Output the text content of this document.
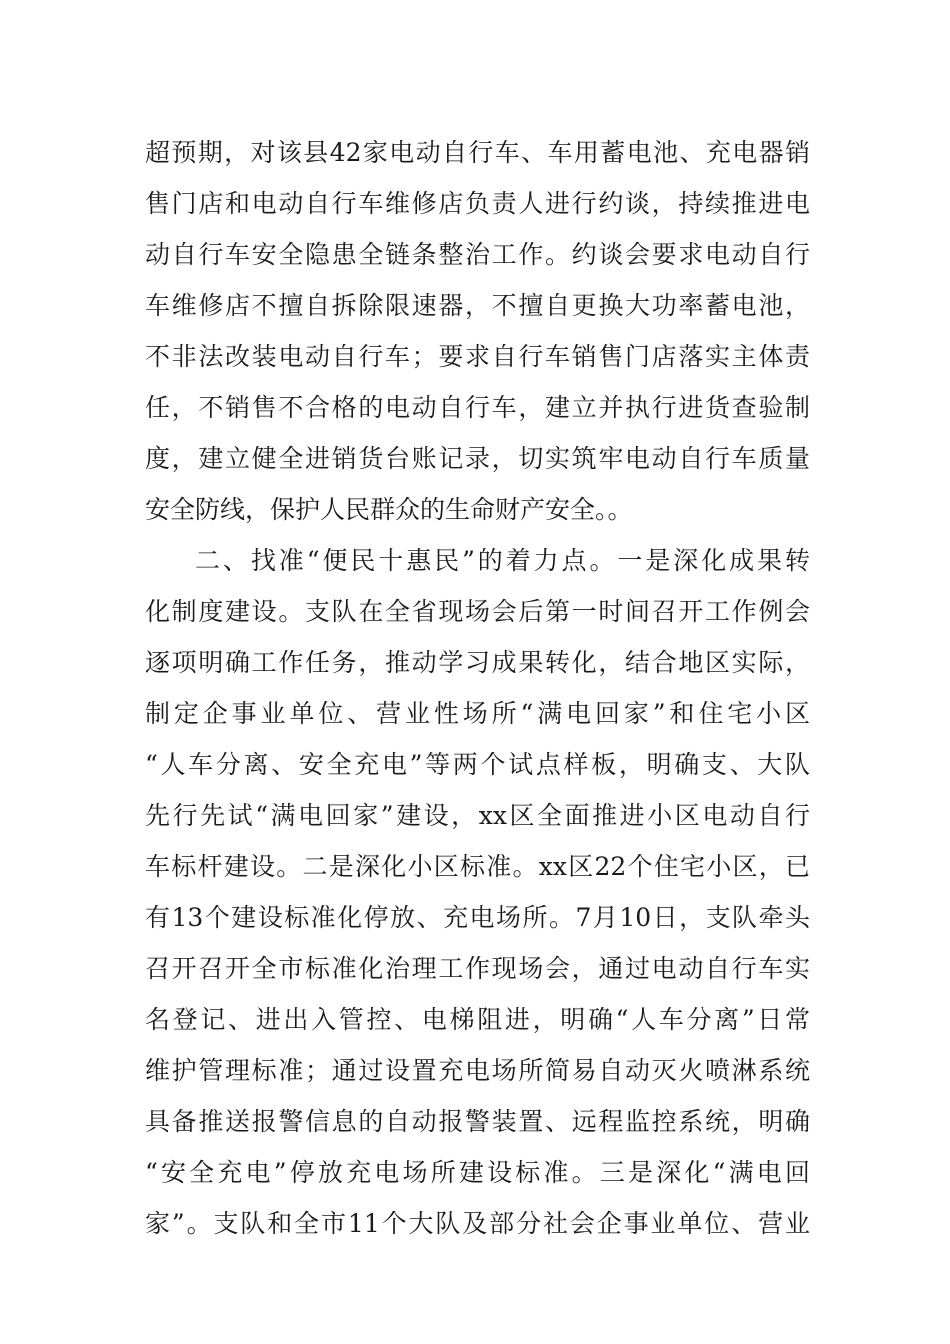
超预期，对该县42家电动自行车、车用蓄电池、充电器销
售门店和电动自行车维修店负责人进行约谈，持续推进电
动自行车安全隐患全链条整治工作。约谈会要求电动自行
车维修店不擅自拆除限速器，不擅自更换大功率蓄电池，
不非法改装电动自行车；要求自行车销售门店落实主体责
任，不销售不合格的电动自行车，建立并执行进货查验制
度，建立健全进销货台账记录，切实筑牢电动自行车质量
安全防线，保护人民群众的生命财产安全。。
二、找准“便民十惠民”的着力点。一是深化成果转
化制度建设。支队在全省现场会后第一时间召开工作例会
逐项明确工作任务，推动学习成果转化，结合地区实际，
制定企事业单位、营业性场所“满电回家”和住宅小区
“人车分离、安全充电”等两个试点样板，明确支、大队
先行先试“满电回家”建设，xx区全面推进小区电动自行
车标杆建设。二是深化小区标准。xx区22个住宅小区，已
有13个建设标准化停放、充电场所。7月10日，支队牵头
召开召开全市标准化治理工作现场会，通过电动自行车实
名登记、进出入管控、电梯阻进，明确“人车分离”日常
维护管理标准；通过设置充电场所简易自动灭火喷淋系统
具备推送报警信息的自动报警装置、远程监控系统，明确
“安全充电”停放充电场所建设标准。三是深化“满电回
家”。支队和全市11个大队及部分社会企事业单位、营业
